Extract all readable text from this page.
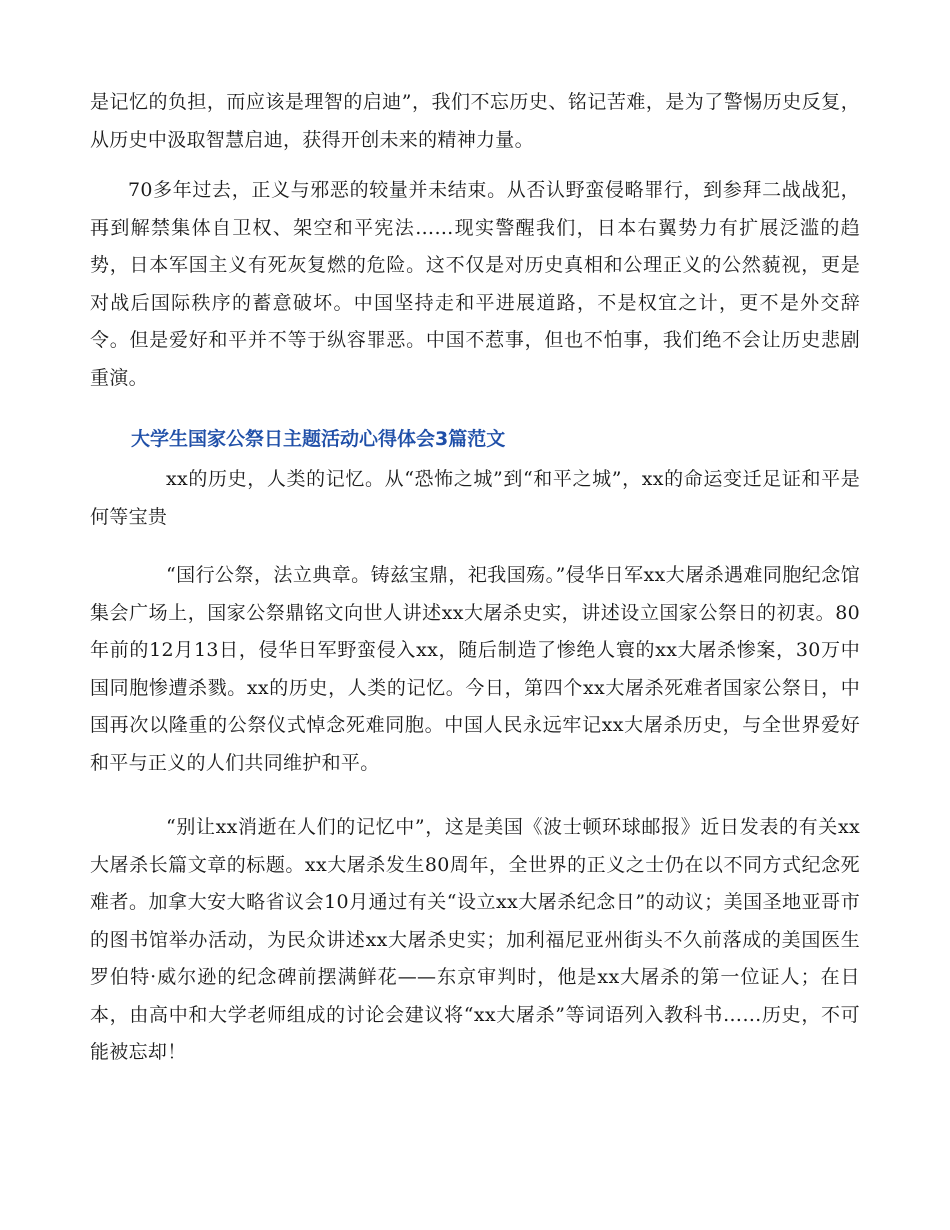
是记忆的负担，而应该是理智的启迪”，我们不忘历史、铭记苦难，是为了警惕历史反复，从历史中汲取智慧启迪，获得开创未来的精神力量。

70多年过去，正义与邪恶的较量并未结束。从否认野蛮侵略罪行，到参拜二战战犯，再到解禁集体自卫权、架空和平宪法……现实警醒我们，日本右翼势力有扩展泛滥的趋势，日本军国主义有死灰复燃的危险。这不仅是对历史真相和公理正义的公然藐视，更是对战后国际秩序的蓄意破坏。中国坚持走和平进展道路，不是权宜之计，更不是外交辞令。但是爱好和平并不等于纵容罪恶。中国不惹事，但也不怕事，我们绝不会让历史悲剧重演。

大学生国家公祭日主题活动心得体会3篇范文

xx的历史，人类的记忆。从“恐怖之城”到“和平之城”，xx的命运变迁足证和平是何等宝贵

“国行公祭，法立典章。铸兹宝鼎，祀我国殇。”侵华日军xx大屠杀遇难同胞纪念馆集会广场上，国家公祭鼎铭文向世人讲述xx大屠杀史实，讲述设立国家公祭日的初衷。80年前的12月13日，侵华日军野蛮侵入xx，随后制造了惨绝人寰的xx大屠杀惨案，30万中国同胞惨遭杀戮。xx的历史，人类的记忆。今日，第四个xx大屠杀死难者国家公祭日，中国再次以隆重的公祭仪式悼念死难同胞。中国人民永远牢记xx大屠杀历史，与全世界爱好和平与正义的人们共同维护和平。

“别让xx消逝在人们的记忆中”，这是美国《波士顿环球邮报》近日发表的有关xx大屠杀长篇文章的标题。xx大屠杀发生80周年，全世界的正义之士仍在以不同方式纪念死难者。加拿大安大略省议会10月通过有关“设立xx大屠杀纪念日”的动议；美国圣地亚哥市的图书馆举办活动，为民众讲述xx大屠杀史实；加利福尼亚州街头不久前落成的美国医生罗伯特·威尔逊的纪念碑前摆满鲜花——东京审判时，他是xx大屠杀的第一位证人；在日本，由高中和大学老师组成的讨论会建议将“xx大屠杀”等词语列入教科书……历史，不可能被忘却！
